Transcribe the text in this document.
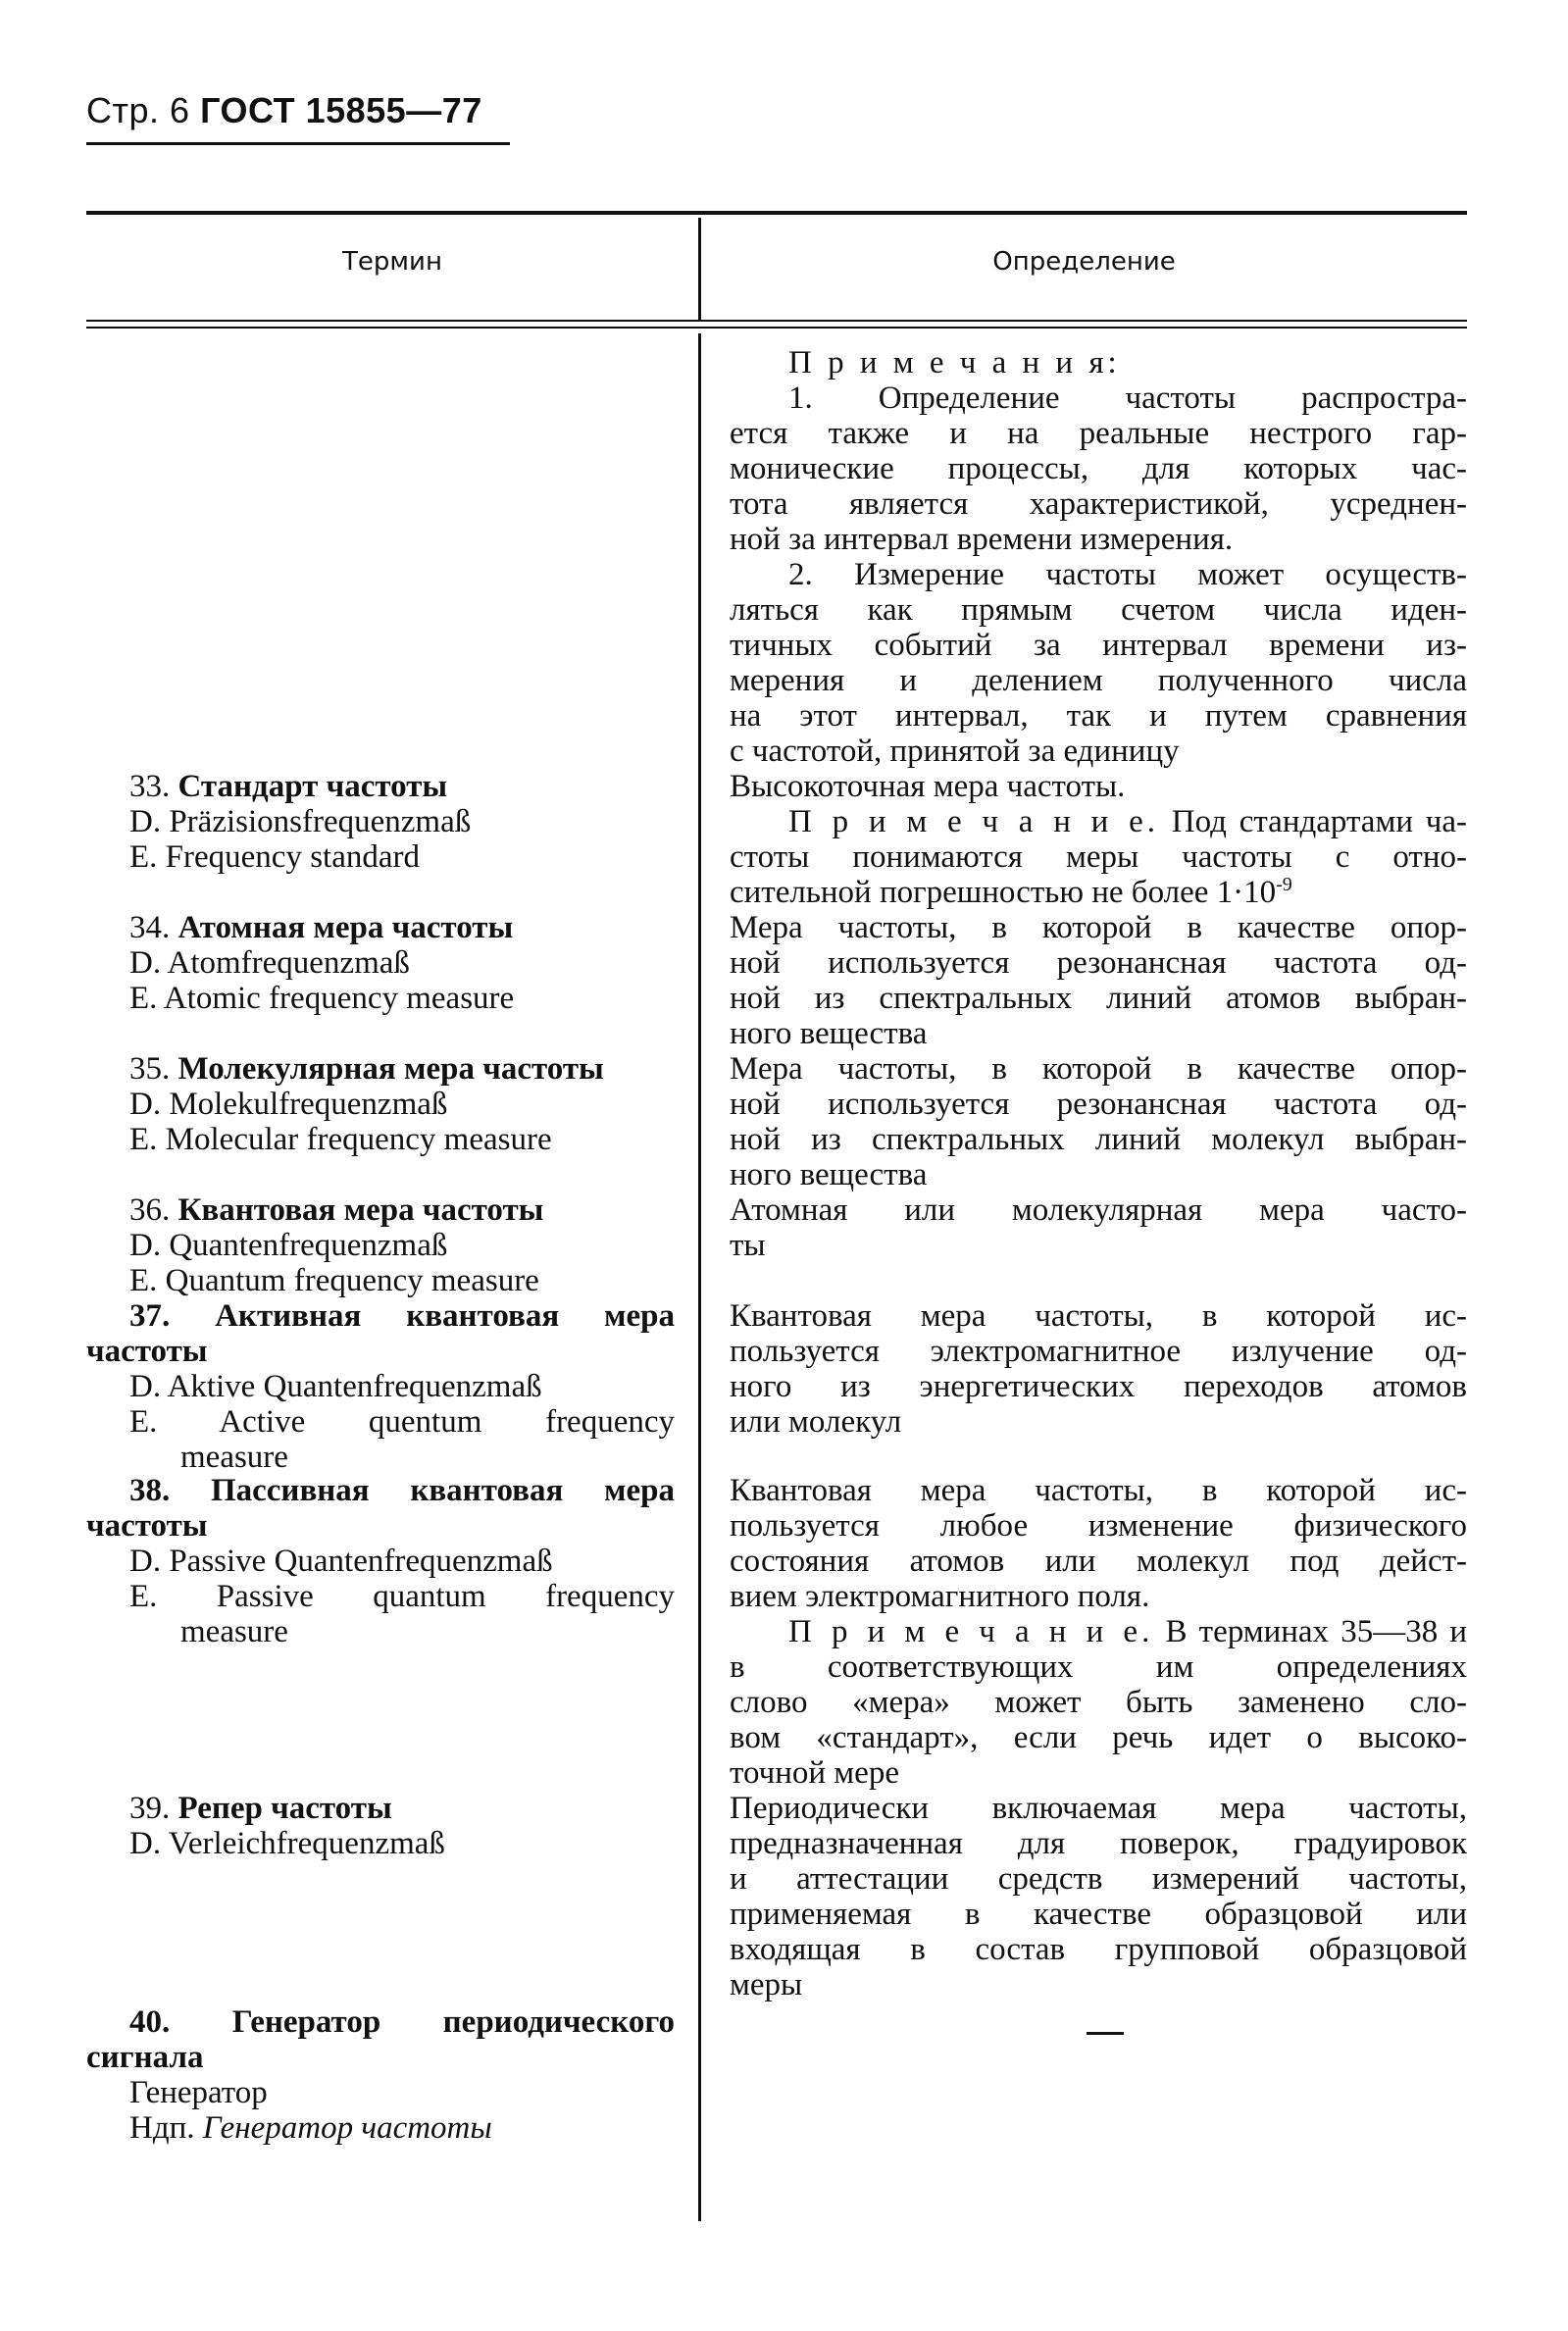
Стр. 6 ГОСТ 15855—77
Термин	Определение
П р и м е ч а н и я:
1. Определение частоты распростра-
ется также и на реальные нестрого гар-
монические процессы, для которых час-
тота является характеристикой, усреднен-
ной за интервал времени измерения.
2. Измерение частоты может осуществ-
ляться как прямым счетом числа иден-
тичных событий за интервал времени из-
мерения и делением полученного числа
на этот интервал, так и путем сравнения
с частотой, принятой за единицу
33. Стандарт частоты
D. Präzisionsfrequenzmaß
E. Frequency standard
Высокоточная мера частоты.
П р и м е ч а н и е. Под стандартами ча-
стоты понимаются меры частоты с отно-
сительной погрешностью не более $1\cdot 10^{-9}$
34. Атомная мера частоты
D. Atomfrequenzmaß
E. Atomic frequency measure
Мера частоты, в которой в качестве опор-
ной используется резонансная частота од-
ной из спектральных линий атомов выбран-
ного вещества
35. Молекулярная мера частоты
D. Molekulfrequenzmaß
E. Molecular frequency measure
Мера частоты, в которой в качестве опор-
ной используется резонансная частота од-
ной из спектральных линий молекул выбран-
ного вещества
36. Квантовая мера частоты
D. Quantenfrequenzmaß
E. Quantum frequency measure
Атомная или молекулярная мера часто-
ты
37. Активная квантовая мера
частоты
D. Aktive Quantenfrequenzmaß
E. Active quentum frequency
measure
Квантовая мера частоты, в которой ис-
пользуется электромагнитное излучение од-
ного из энергетических переходов атомов
или молекул
38. Пассивная квантовая мера
частоты
D. Passive Quantenfrequenzmaß
E. Passive quantum frequency
measure
Квантовая мера частоты, в которой ис-
пользуется любое изменение физического
состояния атомов или молекул под дейст-
вием электромагнитного поля.
П р и м е ч а н и е. В терминах 35—38 и
в соответствующих им определениях
слово «мера» может быть заменено сло-
вом «стандарт», если речь идет о высоко-
точной мере
39. Репер частоты
D. Verleichfrequenzmaß
Периодически включаемая мера частоты,
предназначенная для поверок, градуировок
и аттестации средств измерений частоты,
применяемая в качестве образцовой или
входящая в состав групповой образцовой
меры
40. Генератор периодического
сигнала
Генератор
Ндп. Генератор частоты
